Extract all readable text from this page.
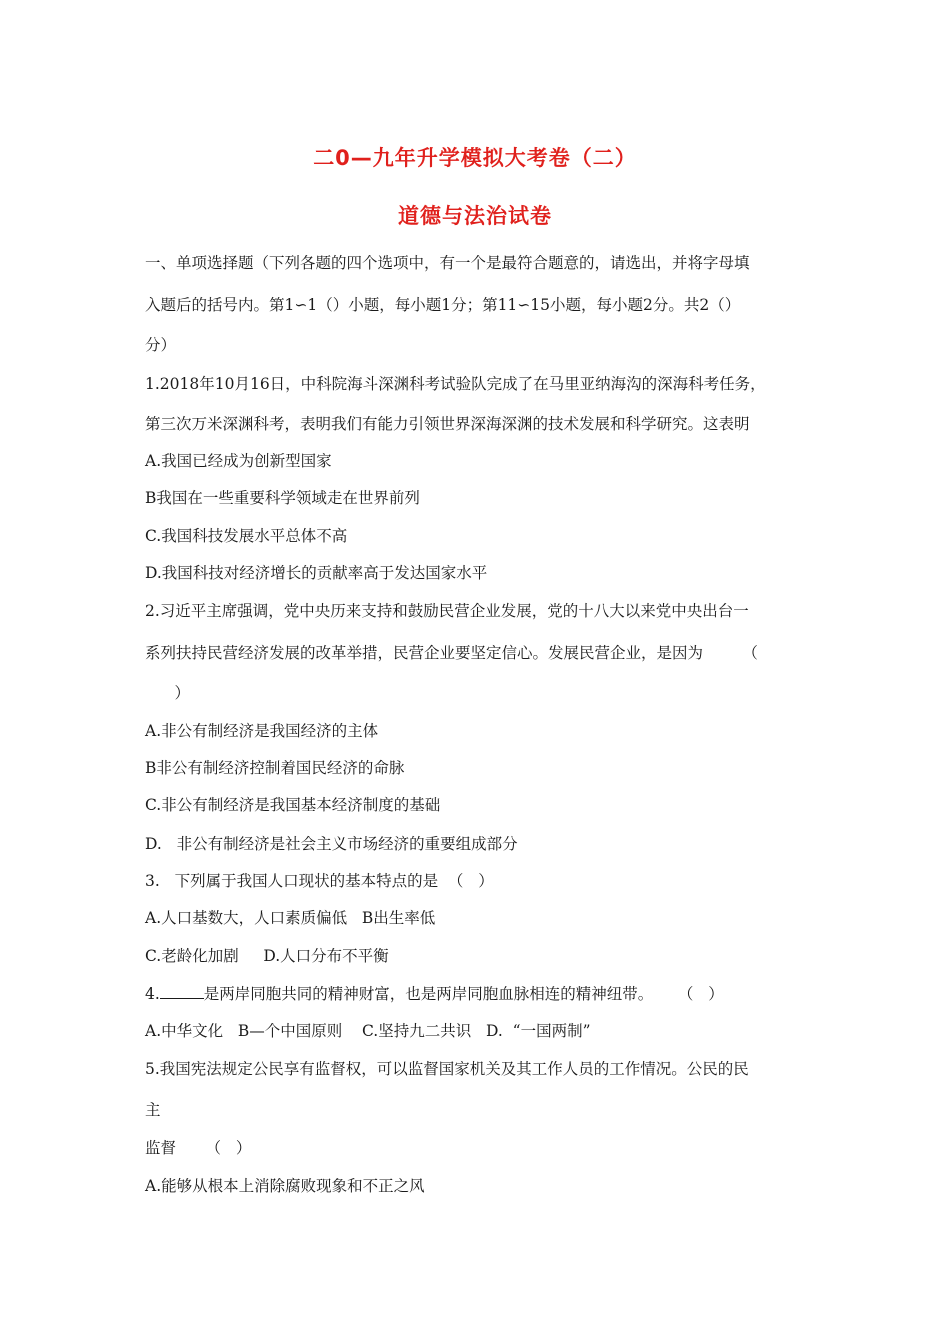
二0—九年升学模拟大考卷（二）
道德与法治试卷
一、单项选择题（下列各题的四个选项中，有一个是最符合题意的，请选出，并将字母填
入题后的括号内。第1∽1（）小题，每小题1分；第11∽15小题，每小题2分。共2（）
分）
1.2018年10月16日，中科院海斗深渊科考试验队完成了在马里亚纳海沟的深海科考任务，
第三次万米深渊科考，表明我们有能力引领世界深海深渊的技术发展和科学研究。这表明
A.我国已经成为创新型国家
B我国在一些重要科学领域走在世界前列
C.我国科技发展水平总体不高
D.我国科技对经济增长的贡献率高于发达国家水平
2.习近平主席强调，党中央历来支持和鼓励民营企业发展，党的十八大以来党中央出台一
系列扶持民营经济发展的改革举措，民营企业要坚定信心。发展民营企业，是因为        （
）
A.非公有制经济是我国经济的主体
B非公有制经济控制着国民经济的命脉
C.非公有制经济是我国基本经济制度的基础
D.   非公有制经济是社会主义市场经济的重要组成部分
3.   下列属于我国人口现状的基本特点的是  （   ）
A.人口基数大，人口素质偏低   B出生率低
C.老龄化加剧     D.人口分布不平衡
4.	是两岸同胞共同的精神财富，也是两岸同胞血脉相连的精神纽带。     （   ）
A.中华文化   B—个中国原则    C.坚持九二共识   D.  “一国两制”
5.我国宪法规定公民享有监督权，可以监督国家机关及其工作人员的工作情况。公民的民
主
监督      （   ）
A.能够从根本上消除腐败现象和不正之风
